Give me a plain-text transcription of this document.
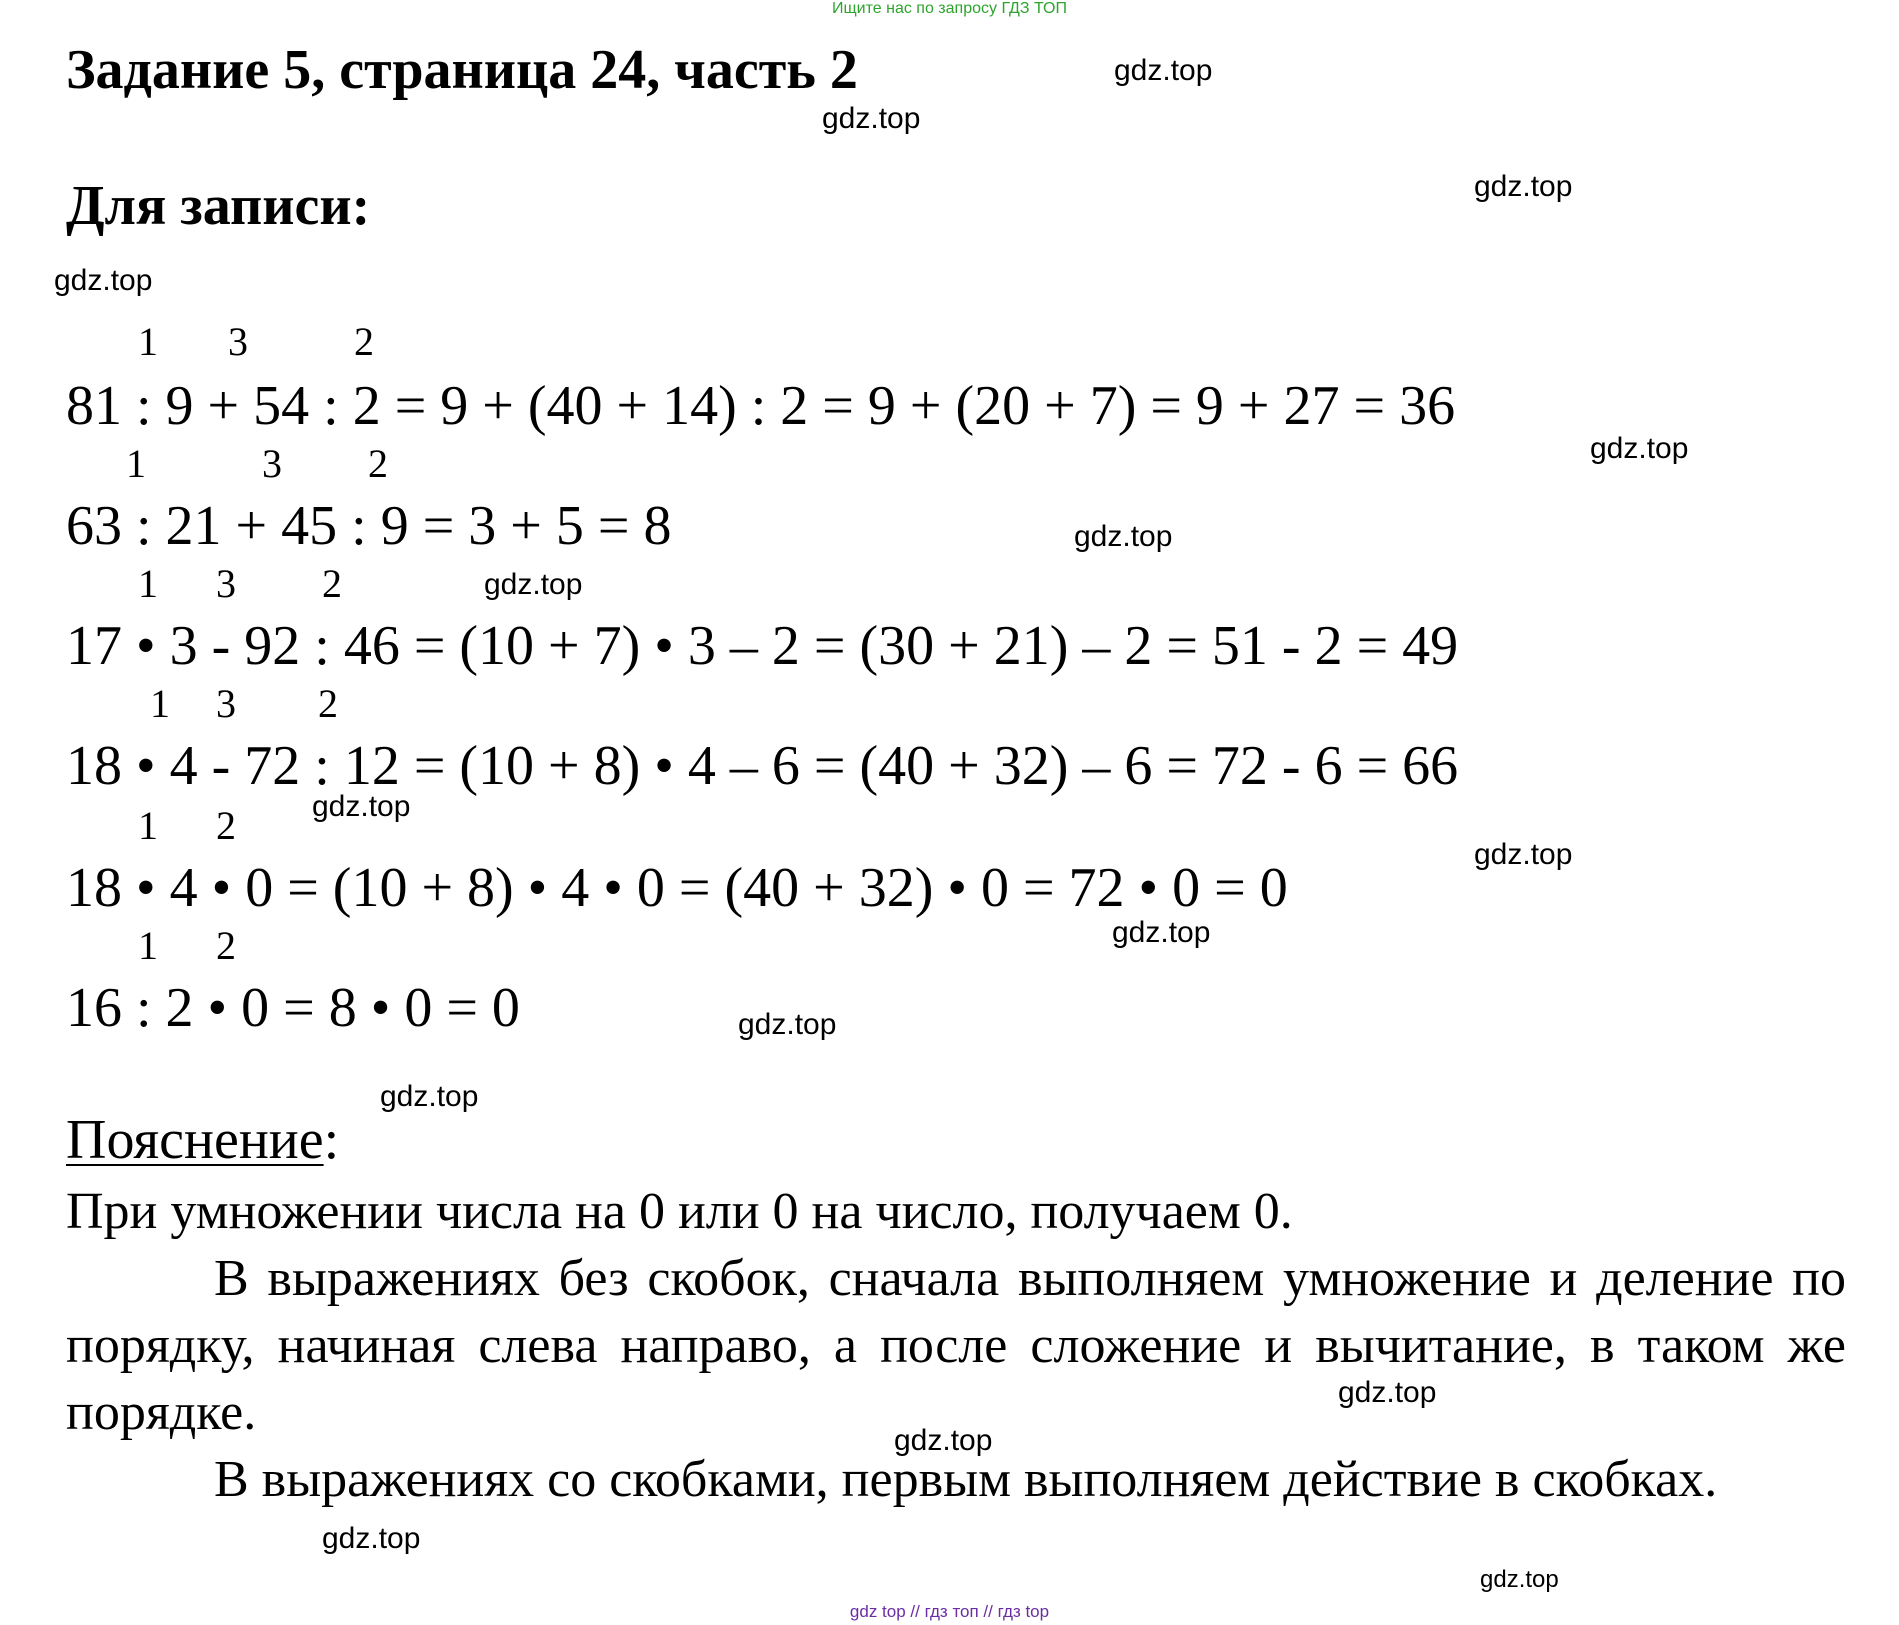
Ищите нас по запросу ГДЗ ТОП
Задание 5, страница 24, часть 2
Для записи:
1 3	2
81 : 9 + 54 : 2 = 9 + (40 + 14) : 2 = 9 + (20 + 7) = 9 + 27 = 36
1	3 2
63 : 21 + 45 : 9 = 3 + 5 = 8
1 3 2
17 • 3 - 92 : 46 = (10 + 7) • 3 – 2 = (30 + 21) – 2 = 51 - 2 = 49
1 3 2
18 • 4 - 72 : 12 = (10 + 8) • 4 – 6 = (40 + 32) – 6 = 72 - 6 = 66
1 2
18 • 4 • 0 = (10 + 8) • 4 • 0 = (40 + 32) • 0 = 72 • 0 = 0
1 2
16 : 2 • 0 = 8 • 0 = 0
Пояснение:

При умножении числа на 0 или 0 на число, получаем 0.

В выражениях без скобок, сначала выполняем умножение и деление по порядку, начиная слева направо, а после сложение и вычитание, в таком же порядке.

В выражениях со скобками, первым выполняем действие в скобках.

gdz.top
gdz.top
gdz.top
gdz.top
gdz.top
gdz.top
gdz.top
gdz.top
gdz.top
gdz.top
gdz.top
gdz.top
gdz.top
gdz.top
gdz.top
gdz.top
gdz top // гдз топ // гдз top
